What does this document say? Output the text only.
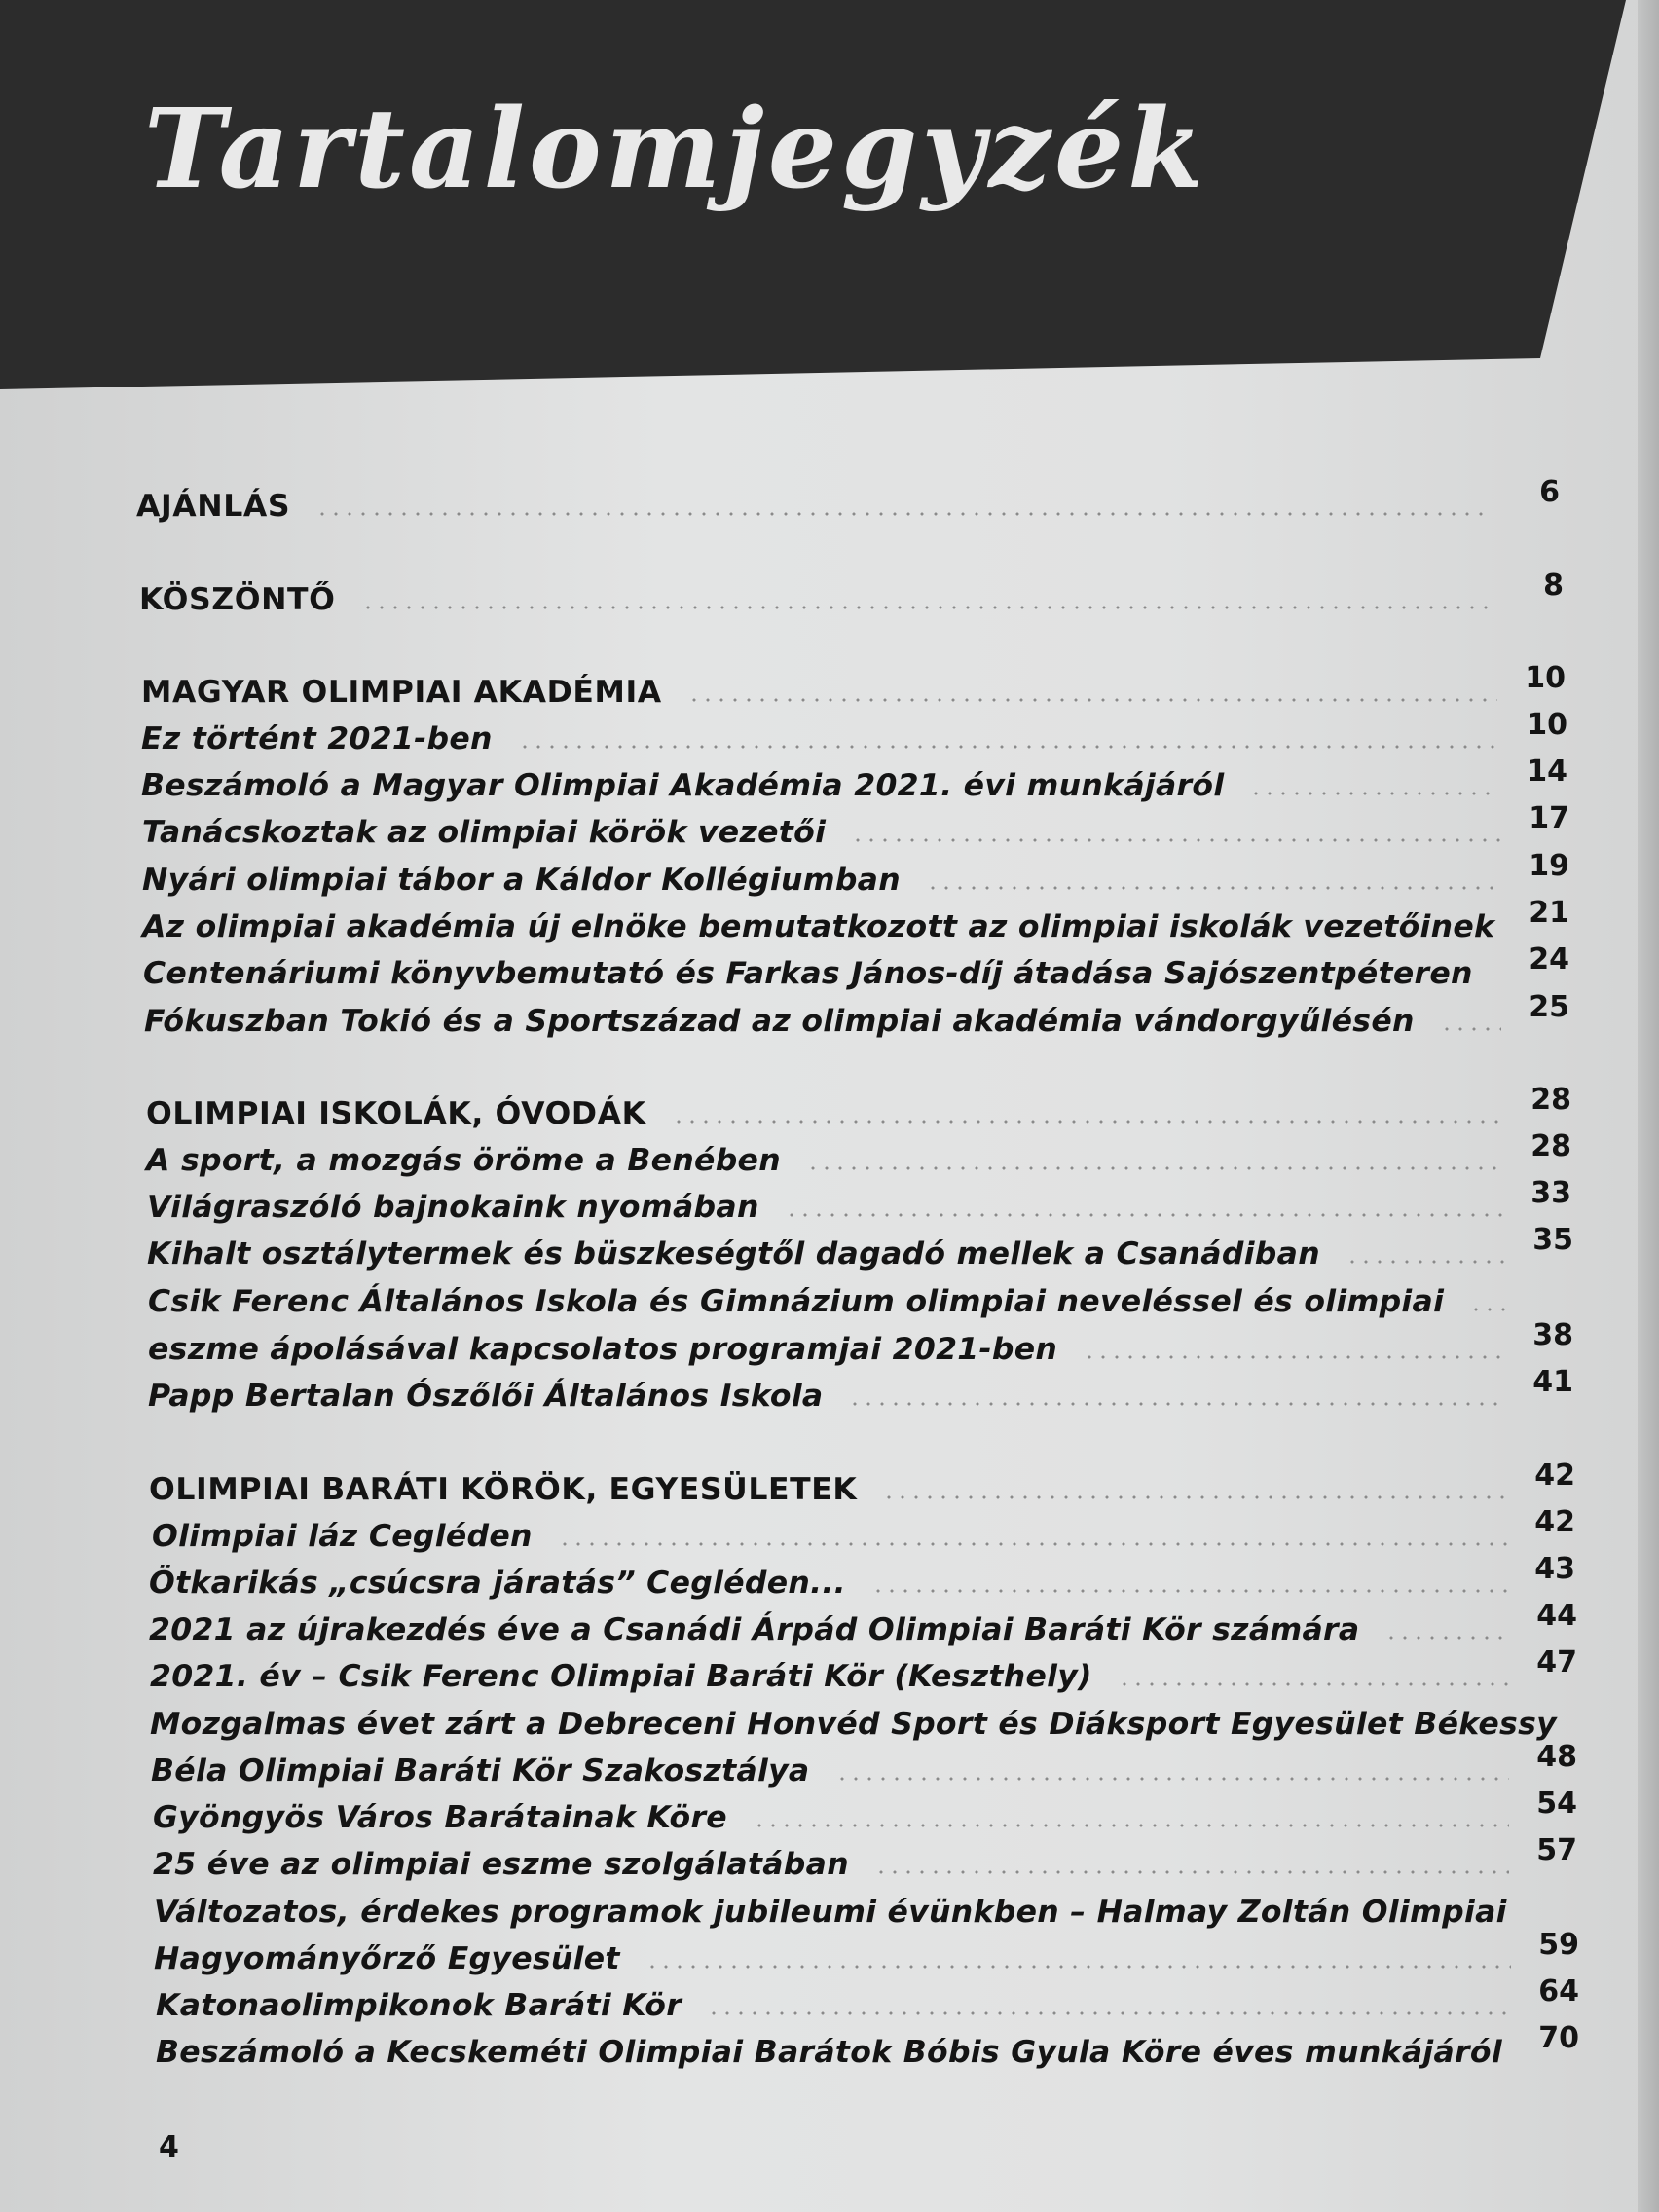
Tartalomjegyzék
AJÁNLÁS	6
KÖSZÖNTŐ	8
MAGYAR OLIMPIAI AKADÉMIA	10
Ez történt 2021-ben	10
Beszámoló a Magyar Olimpiai Akadémia 2021. évi munkájáról	14
Tanácskoztak az olimpiai körök vezetői	17
Nyári olimpiai tábor a Káldor Kollégiumban	19
Az olimpiai akadémia új elnöke bemutatkozott az olimpiai iskolák vezetőinek 21
Centenáriumi könyvbemutató és Farkas János-díj átadása Sajószentpéteren 24
Fókuszban Tokió és a Sportszázad az olimpiai akadémia vándorgyűlésén	25
OLIMPIAI ISKOLÁK, ÓVODÁK	28
A sport, a mozgás öröme a Benében	28
Világraszóló bajnokaink nyomában	33
Kihalt osztálytermek és büszkeségtől dagadó mellek a Csanádiban	35
Csik Ferenc Általános Iskola és Gimnázium olimpiai neveléssel és olimpiai
eszme ápolásával kapcsolatos programjai 2021-ben	38
Papp Bertalan Ószőlői Általános Iskola	41
OLIMPIAI BARÁTI KÖRÖK, EGYESÜLETEK	42
Olimpiai láz Cegléden	42
Ötkarikás „csúcsra járatás” Cegléden...	43
2021 az újrakezdés éve a Csanádi Árpád Olimpiai Baráti Kör számára	44
2021. év – Csik Ferenc Olimpiai Baráti Kör (Keszthely)	47
Mozgalmas évet zárt a Debreceni Honvéd Sport és Diáksport Egyesület Békessy
Béla Olimpiai Baráti Kör Szakosztálya	48
Gyöngyös Város Barátainak Köre	54
25 éve az olimpiai eszme szolgálatában	57
Változatos, érdekes programok jubileumi évünkben – Halmay Zoltán Olimpiai
Hagyományőrző Egyesület	59
Katonaolimpikonok Baráti Kör	64
Beszámoló a Kecskeméti Olimpiai Barátok Bóbis Gyula Köre éves munkájáról 70
4
